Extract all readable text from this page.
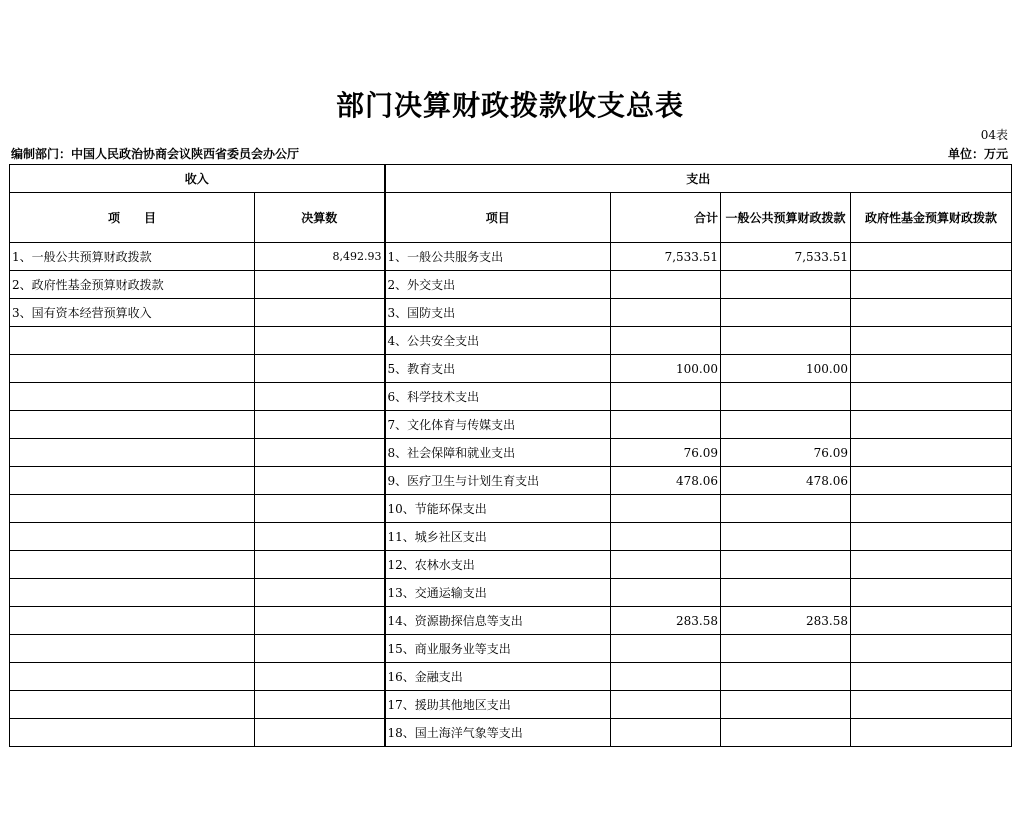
部门决算财政拨款收支总表
04表
编制部门：中国人民政治协商会议陕西省委员会办公厅	单位：万元
收入		支出			
项　　目	决算数	项目	合计	一般公共预算财政拨款	政府性基金预算财政拨款
1、一般公共预算财政拨款	8,492.93	1、一般公共服务支出	7,533.51	7,533.51	
2、政府性基金预算财政拨款		2、外交支出			
3、国有资本经营预算收入		3、国防支出			
		4、公共安全支出			
		5、教育支出	100.00	100.00	
		6、科学技术支出			
		7、文化体育与传媒支出			
		8、社会保障和就业支出	76.09	76.09	
		9、医疗卫生与计划生育支出	478.06	478.06	
		10、节能环保支出			
		11、城乡社区支出			
		12、农林水支出			
		13、交通运输支出			
		14、资源勘探信息等支出	283.58	283.58	
		15、商业服务业等支出			
		16、金融支出			
		17、援助其他地区支出			
		18、国土海洋气象等支出			
